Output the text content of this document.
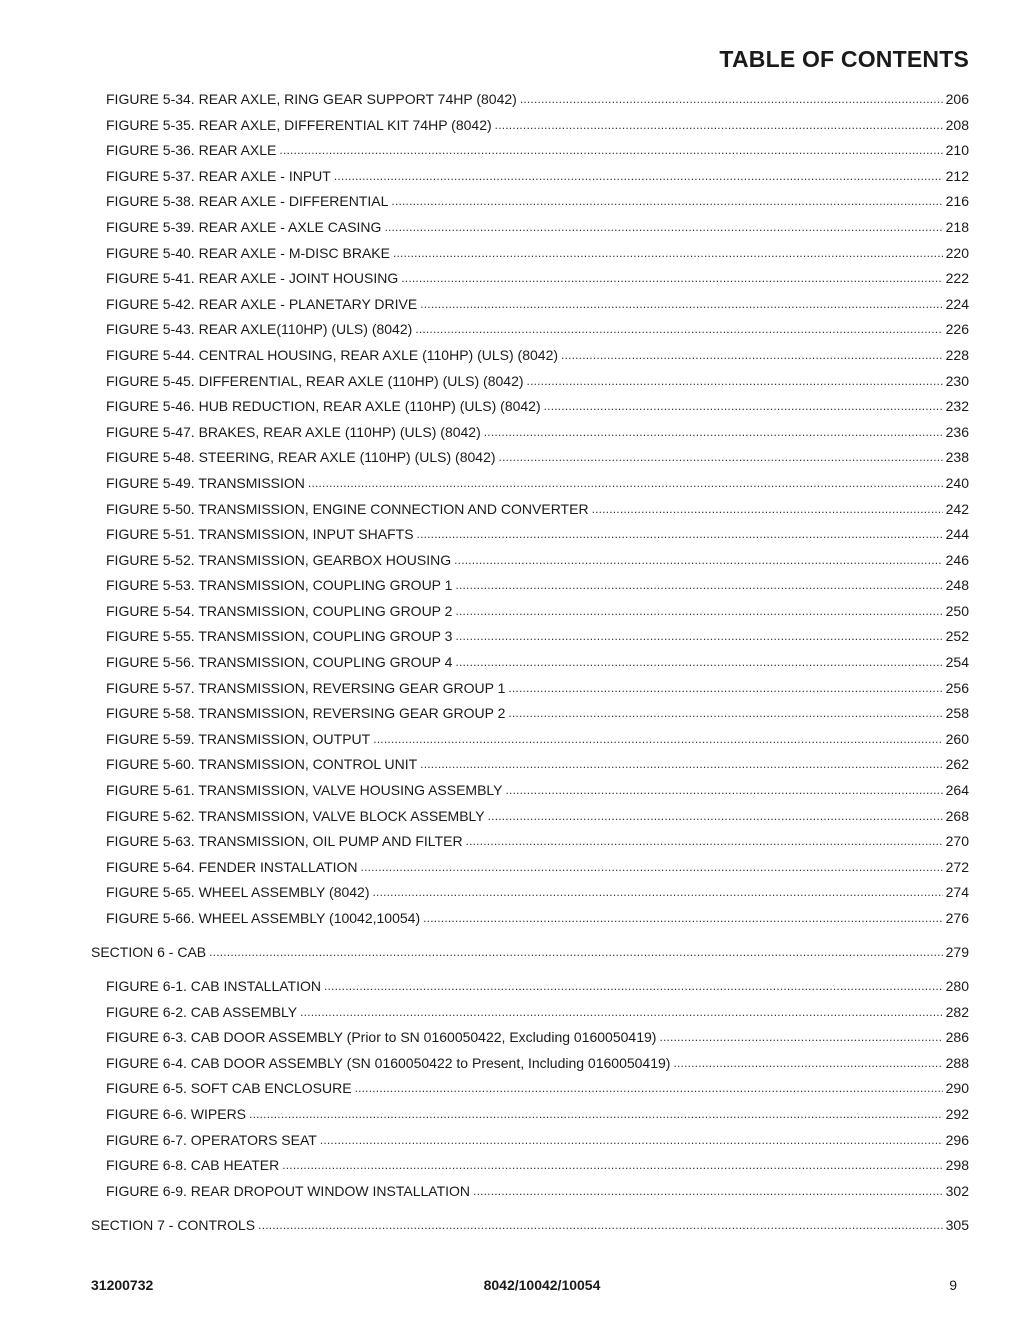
TABLE OF CONTENTS
FIGURE 5-34. REAR AXLE, RING GEAR SUPPORT 74HP (8042) .....	206
FIGURE 5-35. REAR AXLE, DIFFERENTIAL KIT 74HP (8042) .....	208
FIGURE 5-36. REAR AXLE .....	210
FIGURE 5-37. REAR AXLE - INPUT .....	212
FIGURE 5-38. REAR AXLE - DIFFERENTIAL .....	216
FIGURE 5-39. REAR AXLE - AXLE CASING .....	218
FIGURE 5-40. REAR AXLE - M-DISC BRAKE .....	220
FIGURE 5-41. REAR AXLE - JOINT HOUSING .....	222
FIGURE 5-42. REAR AXLE - PLANETARY DRIVE .....	224
FIGURE 5-43. REAR AXLE(110HP) (ULS) (8042) .....	226
FIGURE 5-44. CENTRAL HOUSING, REAR AXLE (110HP) (ULS) (8042) .....	228
FIGURE 5-45. DIFFERENTIAL, REAR AXLE (110HP) (ULS) (8042) .....	230
FIGURE 5-46. HUB REDUCTION, REAR AXLE (110HP) (ULS) (8042) .....	232
FIGURE 5-47. BRAKES, REAR AXLE (110HP) (ULS) (8042) .....	236
FIGURE 5-48. STEERING, REAR AXLE (110HP) (ULS) (8042) .....	238
FIGURE 5-49. TRANSMISSION .....	240
FIGURE 5-50. TRANSMISSION, ENGINE CONNECTION AND CONVERTER .....	242
FIGURE 5-51. TRANSMISSION, INPUT SHAFTS .....	244
FIGURE 5-52. TRANSMISSION, GEARBOX HOUSING .....	246
FIGURE 5-53. TRANSMISSION, COUPLING GROUP 1 .....	248
FIGURE 5-54. TRANSMISSION, COUPLING GROUP 2 .....	250
FIGURE 5-55. TRANSMISSION, COUPLING GROUP 3 .....	252
FIGURE 5-56. TRANSMISSION, COUPLING GROUP 4 .....	254
FIGURE 5-57. TRANSMISSION, REVERSING GEAR GROUP 1 .....	256
FIGURE 5-58. TRANSMISSION, REVERSING GEAR GROUP 2 .....	258
FIGURE 5-59. TRANSMISSION, OUTPUT .....	260
FIGURE 5-60. TRANSMISSION, CONTROL UNIT .....	262
FIGURE 5-61. TRANSMISSION, VALVE HOUSING ASSEMBLY .....	264
FIGURE 5-62. TRANSMISSION, VALVE BLOCK ASSEMBLY .....	268
FIGURE 5-63. TRANSMISSION, OIL PUMP AND FILTER .....	270
FIGURE 5-64. FENDER INSTALLATION .....	272
FIGURE 5-65. WHEEL ASSEMBLY (8042) .....	274
FIGURE 5-66. WHEEL ASSEMBLY (10042,10054) .....	276
SECTION 6 - CAB .....	279
FIGURE 6-1. CAB INSTALLATION .....	280
FIGURE 6-2. CAB ASSEMBLY .....	282
FIGURE 6-3. CAB DOOR ASSEMBLY (Prior to SN 0160050422, Excluding 0160050419) .....	286
FIGURE 6-4. CAB DOOR ASSEMBLY (SN 0160050422 to Present, Including 0160050419) .....	288
FIGURE 6-5. SOFT CAB ENCLOSURE .....	290
FIGURE 6-6. WIPERS .....	292
FIGURE 6-7. OPERATORS SEAT .....	296
FIGURE 6-8. CAB HEATER .....	298
FIGURE 6-9. REAR DROPOUT WINDOW INSTALLATION .....	302
SECTION 7 - CONTROLS .....	305
31200732	8042/10042/10054	9
